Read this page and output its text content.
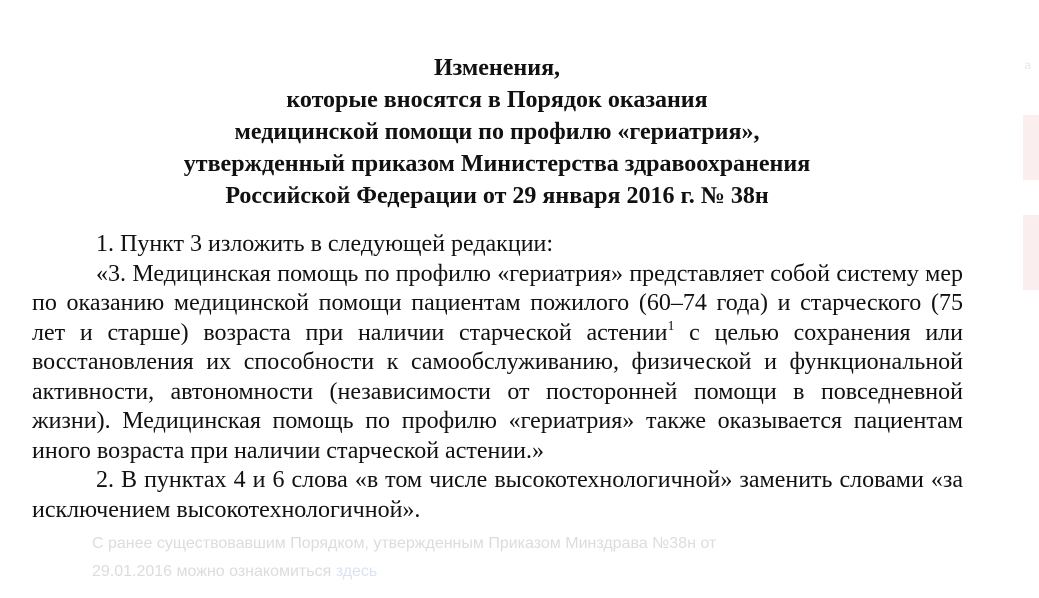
Изменения,
которые вносятся в Порядок оказания
медицинской помощи по профилю «гериатрия»,
утвержденный приказом Министерства здравоохранения
Российской Федерации от 29 января 2016 г. № 38н

1. Пункт 3 изложить в следующей редакции:

«3. Медицинская помощь по профилю «гериатрия» представляет собой систему мер по оказанию медицинской помощи пациентам пожилого (60–74 года) и старческого (75 лет и старше) возраста при наличии старческой астении$^1$ с целью сохранения или восстановления их способности к самообслуживанию, физической и функциональной активности, автономности (независимости от посторонней помощи в повседневной жизни). Медицинская помощь по профилю «гериатрия» также оказывается пациентам иного возраста при наличии старческой астении.»

2. В пунктах 4 и 6 слова «в том числе высокотехнологичной» заменить словами «за исключением высокотехнологичной».

С ранее существовавшим Порядком, утвержденным Приказом Минздрава №38н от 29.01.2016 можно ознакомиться здесь
a
